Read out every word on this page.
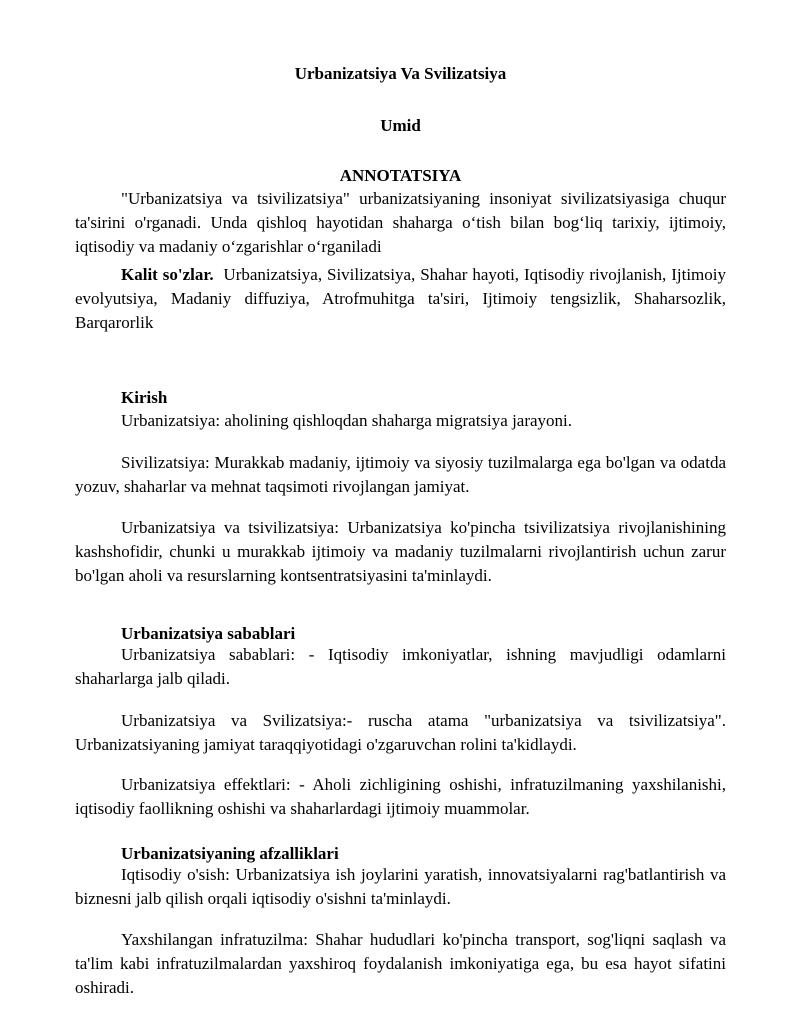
Urbanizatsiya Va Svilizatsiya
Umid
ANNOTATSIYA

"Urbanizatsiya va tsivilizatsiya" urbanizatsiyaning insoniyat sivilizatsiyasiga chuqur ta'sirini o'rganadi. Unda qishloq hayotidan shaharga o‘tish bilan bog‘liq tarixiy, ijtimoiy, iqtisodiy va madaniy o‘zgarishlar o‘rganiladi

Kalit so'zlar. Urbanizatsiya, Sivilizatsiya, Shahar hayoti, Iqtisodiy rivojlanish, Ijtimoiy evolyutsiya, Madaniy diffuziya, Atrofmuhitga ta'siri, Ijtimoiy tengsizlik, Shaharsozlik, Barqarorlik

Kirish

Urbanizatsiya: aholining qishloqdan shaharga migratsiya jarayoni.

Sivilizatsiya: Murakkab madaniy, ijtimoiy va siyosiy tuzilmalarga ega bo'lgan va odatda yozuv, shaharlar va mehnat taqsimoti rivojlangan jamiyat.

Urbanizatsiya va tsivilizatsiya: Urbanizatsiya ko'pincha tsivilizatsiya rivojlanishining kashshofidir, chunki u murakkab ijtimoiy va madaniy tuzilmalarni rivojlantirish uchun zarur bo'lgan aholi va resurslarning kontsentratsiyasini ta'minlaydi.

Urbanizatsiya sabablari

Urbanizatsiya sabablari: - Iqtisodiy imkoniyatlar, ishning mavjudligi odamlarni shaharlarga jalb qiladi.

Urbanizatsiya va Svilizatsiya:- ruscha atama "urbanizatsiya va tsivilizatsiya". Urbanizatsiyaning jamiyat taraqqiyotidagi o'zgaruvchan rolini ta'kidlaydi.

Urbanizatsiya effektlari: - Aholi zichligining oshishi, infratuzilmaning yaxshilanishi, iqtisodiy faollikning oshishi va shaharlardagi ijtimoiy muammolar.

Urbanizatsiyaning afzalliklari

Iqtisodiy o'sish: Urbanizatsiya ish joylarini yaratish, innovatsiyalarni rag'batlantirish va biznesni jalb qilish orqali iqtisodiy o'sishni ta'minlaydi.

Yaxshilangan infratuzilma: Shahar hududlari ko'pincha transport, sog'liqni saqlash va ta'lim kabi infratuzilmalardan yaxshiroq foydalanish imkoniyatiga ega, bu esa hayot sifatini oshiradi.
